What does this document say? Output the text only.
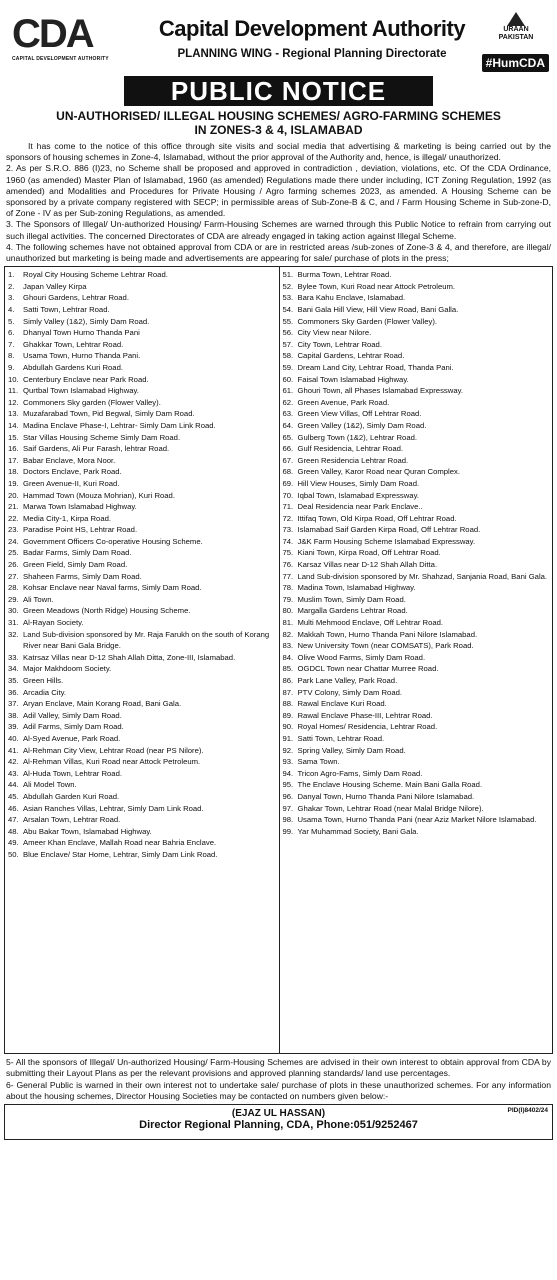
CDA
CAPITAL DEVELOPMENT AUTHORITY
Capital Development Authority
PLANNING WING - Regional Planning Directorate
URAAN
PAKISTAN
#HumCDA
PUBLIC NOTICE
UN-AUTHORISED/ ILLEGAL HOUSING SCHEMES/ AGRO-FARMING SCHEMES
IN ZONES-3 & 4, ISLAMABAD

It has come to the notice of this office through site visits and social media that advertising & marketing is being carried out by the sponsors of housing schemes in Zone-4, Islamabad, without the prior approval of the Authority and, hence, is illegal/ unauthorized.

2. As per S.R.O. 886 (I)23, no Scheme shall be proposed and approved in contradiction , deviation, violations, etc. Of the CDA Ordinance, 1960 (as amended) Master Plan of Islamabad, 1960 (as amended) Regulations made there under including, ICT Zoning Regulation, 1992 (as amended) and Modalities and Procedures for Private Housing / Agro farming schemes 2023, as amended. A Housing Scheme can be sponsored by a private company registered with SECP; in permissible areas of Sub-Zone-B & C, and / Farm Housing Scheme in Sub-zone-D, of Zone - IV as per Sub-zoning Regulations, as amended.

3. The Sponsors of Illegal/ Un-authorized Housing/ Farm-Housing Schemes are warned through this Public Notice to refrain from carrying out such illegal activities. The concerned Directorates of CDA are already engaged in taking action against Illegal Scheme.

4. The following schemes have not obtained approval from CDA or are in restricted areas /sub-zones of Zone-3 & 4, and therefore, are illegal/ unauthorized but marketing is being made and advertisements are appearing for sale/ purchase of plots in the press;

1.	Royal City Housing Scheme Lehtrar Road.
2.	Japan Valley Kirpa
3.	Ghouri Gardens, Lehtrar Road.
4.	Satti Town, Lehtrar Road.
5.	Simly Valley (1&2), Simly Dam Road.
6.	Dhanyal Town Hurno Thanda Pani
7.	Ghakkar Town, Lehtrar Road.
8.	Usama Town, Hurno Thanda Pani.
9.	Abdullah Gardens Kuri Road.
10. Centerbury Enclave near Park Road.
11. Qurtbal Town Islamabad Highway.
12. Commoners Sky garden (Flower Valley).
13. Muzafarabad Town, Pid Begwal, Simly Dam Road.
14. Madina Enclave Phase-I, Lehtrar- Simly Dam Link Road.
15. Star Villas Housing Scheme Simly Dam Road.
16. Saif Gardens, Ali Pur Farash, lehtrar Road.
17. Babar Enclave, Mora Noor.
18. Doctors Enclave, Park Road.
19. Green Avenue-II, Kuri Road.
20. Hammad Town (Mouza Mohrian), Kuri Road.
21. Marwa Town Islamabad Highway.
22. Media City-1, Kirpa Road.
23. Paradise Point HS, Lehtrar Road.
24. Government Officers Co-operative Housing Scheme.
25. Badar Farms, Simly Dam Road.
26. Green Field, Simly Dam Road.
27. Shaheen Farms, Simly Dam Road.
28. Kohsar Enclave near Naval farms, Simly Dam Road.
29. Ali Town.
30. Green Meadows (North Ridge) Housing Scheme.
31. Al-Rayan Society.
32. Land Sub-division sponsored by Mr. Raja Farukh on the south of Korang River near Bani Gala Bridge.
33. Katrsaz Villas near D-12 Shah Allah Ditta, Zone-III, Islamabad.
34. Major Makhdoom Society.
35. Green Hills.
36. Arcadia City.
37. Aryan Enclave, Main Korang Road, Bani Gala.
38. Adil Valley, Simly Dam Road.
39. Adil Farms, Simly Dam Road.
40. Al-Syed Avenue, Park Road.
41. Al-Rehman City View, Lehtrar Road (near PS Nilore).
42. Al-Rehman Villas, Kuri Road near Attock Petroleum.
43. Al-Huda Town, Lehtrar Road.
44. Ali Model Town.
45. Abdullah Garden Kuri Road.
46. Asian Ranches Villas, Lehtrar, Simly Dam Link Road.
47. Arsalan Town, Lehtrar Road.
48. Abu Bakar Town, Islamabad Highway.
49. Ameer Khan Enclave, Mallah Road near Bahria Enclave.
50. Blue Enclave/ Star Home, Lehtrar, Simly Dam Link Road.
51. Burma Town, Lehtrar Road.
52. Bylee Town, Kuri Road near Attock Petroleum.
53. Bara Kahu Enclave, Islamabad.
54. Bani Gala Hill View, Hill View Road, Bani Galla.
55. Commoners Sky Garden (Flower Valley).
56. City View near Nilore.
57. City Town, Lehtrar Road.
58. Capital Gardens, Lehtrar Road.
59. Dream Land City, Lehtrar Road, Thanda Pani.
60. Faisal Town Islamabad Highway.
61. Ghouri Town, all Phases Islamabad Expressway.
62. Green Avenue, Park Road.
63. Green View Villas, Off Lehtrar Road.
64. Green Valley (1&2), Simly Dam Road.
65. Gulberg Town (1&2), Lehtrar Road.
66. Gulf Residencia, Lehtrar Road.
67. Green Residencia Lehtrar Road.
68. Green Valley, Karor Road near Quran Complex.
69. Hill View Houses, Simly Dam Road.
70. Iqbal Town, Islamabad Expressway.
71. Deal Residencia near Park Enclave..
72. Ittifaq Town, Old Kirpa Road, Off Lehtrar Road.
73. Islamabad Saif Garden Kirpa Road, Off Lehtrar Road.
74. J&K Farm Housing Scheme Islamabad Expressway.
75. Kiani Town, Kirpa Road, Off Lehtrar Road.
76. Karsaz Villas near D-12 Shah Allah Ditta.
77. Land Sub-division sponsored by Mr. Shahzad, Sanjania Road, Bani Gala.
78. Madina Town, Islamabad Highway.
79. Muslim Town, Simly Dam Road.
80. Margalla Gardens Lehtrar Road.
81. Multi Mehmood Enclave, Off Lehtrar Road.
82. Makkah Town, Hurno Thanda Pani Nilore Islamabad.
83. New University Town (near COMSATS), Park Road.
84. Olive Wood Farms, Simly Dam Road.
85. OGDCL Town near Chattar Murree Road.
86. Park Lane Valley, Park Road.
87. PTV Colony, Simly Dam Road.
88. Rawal Enclave Kuri Road.
89. Rawal Enclave Phase-III, Lehtrar Road.
90. Royal Homes/ Residencia, Lehtrar Road.
91. Satti Town, Lehtrar Road.
92. Spring Valley, Simly Dam Road.
93. Sama Town.
94. Tricon Agro-Fams, Simly Dam Road.
95. The Enclave Housing Scheme. Main Bani Galla Road.
96. Danyal Town, Hurno Thanda Pani Nilore Islamabad.
97. Ghakar Town, Lehtrar Road (near Malal Bridge Nilore).
98. Usama Town, Hurno Thanda Pani (near Aziz Market Nilore Islamabad.
99. Yar Muhammad Society, Bani Gala.

5- All the sponsors of Illegal/ Un-authorized Housing/ Farm-Housing Schemes are advised in their own interest to obtain approval from CDA by submitting their Layout Plans as per the relevant provisions and approved planning standards/ land use percentages.

6- General Public is warned in their own interest not to undertake sale/ purchase of plots in these unauthorized schemes. For any information about the housing schemes, Director Housing Societies may be contacted on numbers given below:-

(EJAZ UL HASSAN)
Director Regional Planning, CDA, Phone:051/9252467
PID(I)8402/24
